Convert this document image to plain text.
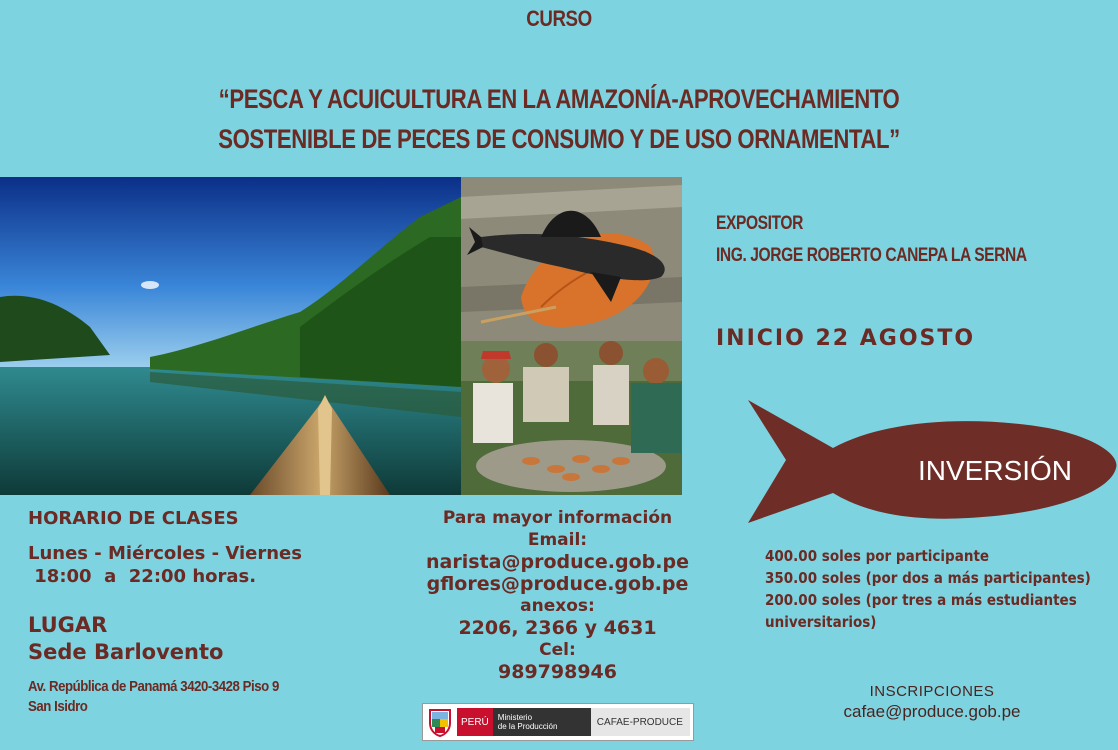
CURSO
“PESCA Y ACUICULTURA EN LA AMAZONÍA-APROVECHAMIENTO
SOSTENIBLE DE PECES DE CONSUMO Y DE USO ORNAMENTAL”
EXPOSITOR
ING. JORGE ROBERTO CANEPA LA SERNA
INICIO 22 AGOSTO
INVERSIÓN
400.00 soles por participante
350.00 soles (por dos a más participantes)
200.00 soles (por tres a más estudiantes
universitarios)
HORARIO DE CLASES
Lunes - Miércoles - Viernes
18:00  a  22:00 horas.
LUGAR
Sede Barlovento
Av. República de Panamá 3420-3428 Piso 9
San Isidro
Para mayor información
Email:
narista@produce.gob.pe
gflores@produce.gob.pe
anexos:
2206, 2366 y 4631
Cel:
989798946
PERÚ	Ministerio
de la Producción	CAFAE-PRODUCE
INSCRIPCIONES
cafae@produce.gob.pe
